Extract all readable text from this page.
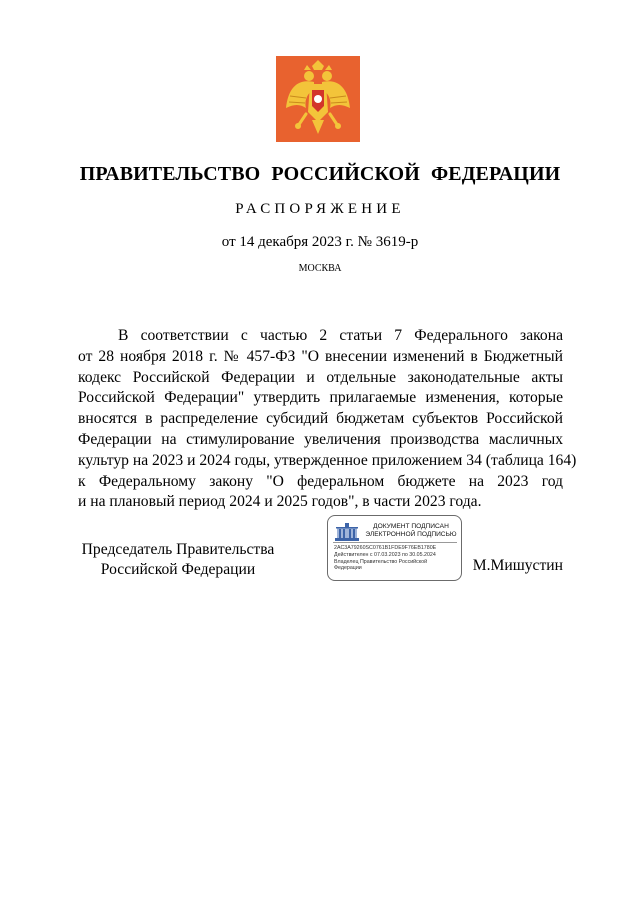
ПРАВИТЕЛЬСТВО РОССИЙСКОЙ ФЕДЕРАЦИИ
РАСПОРЯЖЕНИЕ
от 14 декабря 2023 г. № 3619-р
МОСКВА
В соответствии с частью 2 статьи 7 Федерального закона
от 28 ноября 2018 г. № 457-ФЗ "О внесении изменений в Бюджетный
кодекс Российской Федерации и отдельные законодательные акты
Российской Федерации" утвердить прилагаемые изменения, которые
вносятся в распределение субсидий бюджетам субъектов Российской
Федерации на стимулирование увеличения производства масличных
культур на 2023 и 2024 годы, утвержденное приложением 34 (таблица 164)
к Федеральному закону "О федеральном бюджете на 2023 год
и на плановый период 2024 и 2025 годов", в части 2023 года.
Председатель Правительства
Российской Федерации
ДОКУМЕНТ ПОДПИСАН
ЭЛЕКТРОННОЙ ПОДПИСЬЮ
2AC3A79260SC0761B1FDE9F76EB1780E
Действителен с 07.03.2023 по 30.05.2024
Владелец Правительство Российской Федерации	М.Мишустин
